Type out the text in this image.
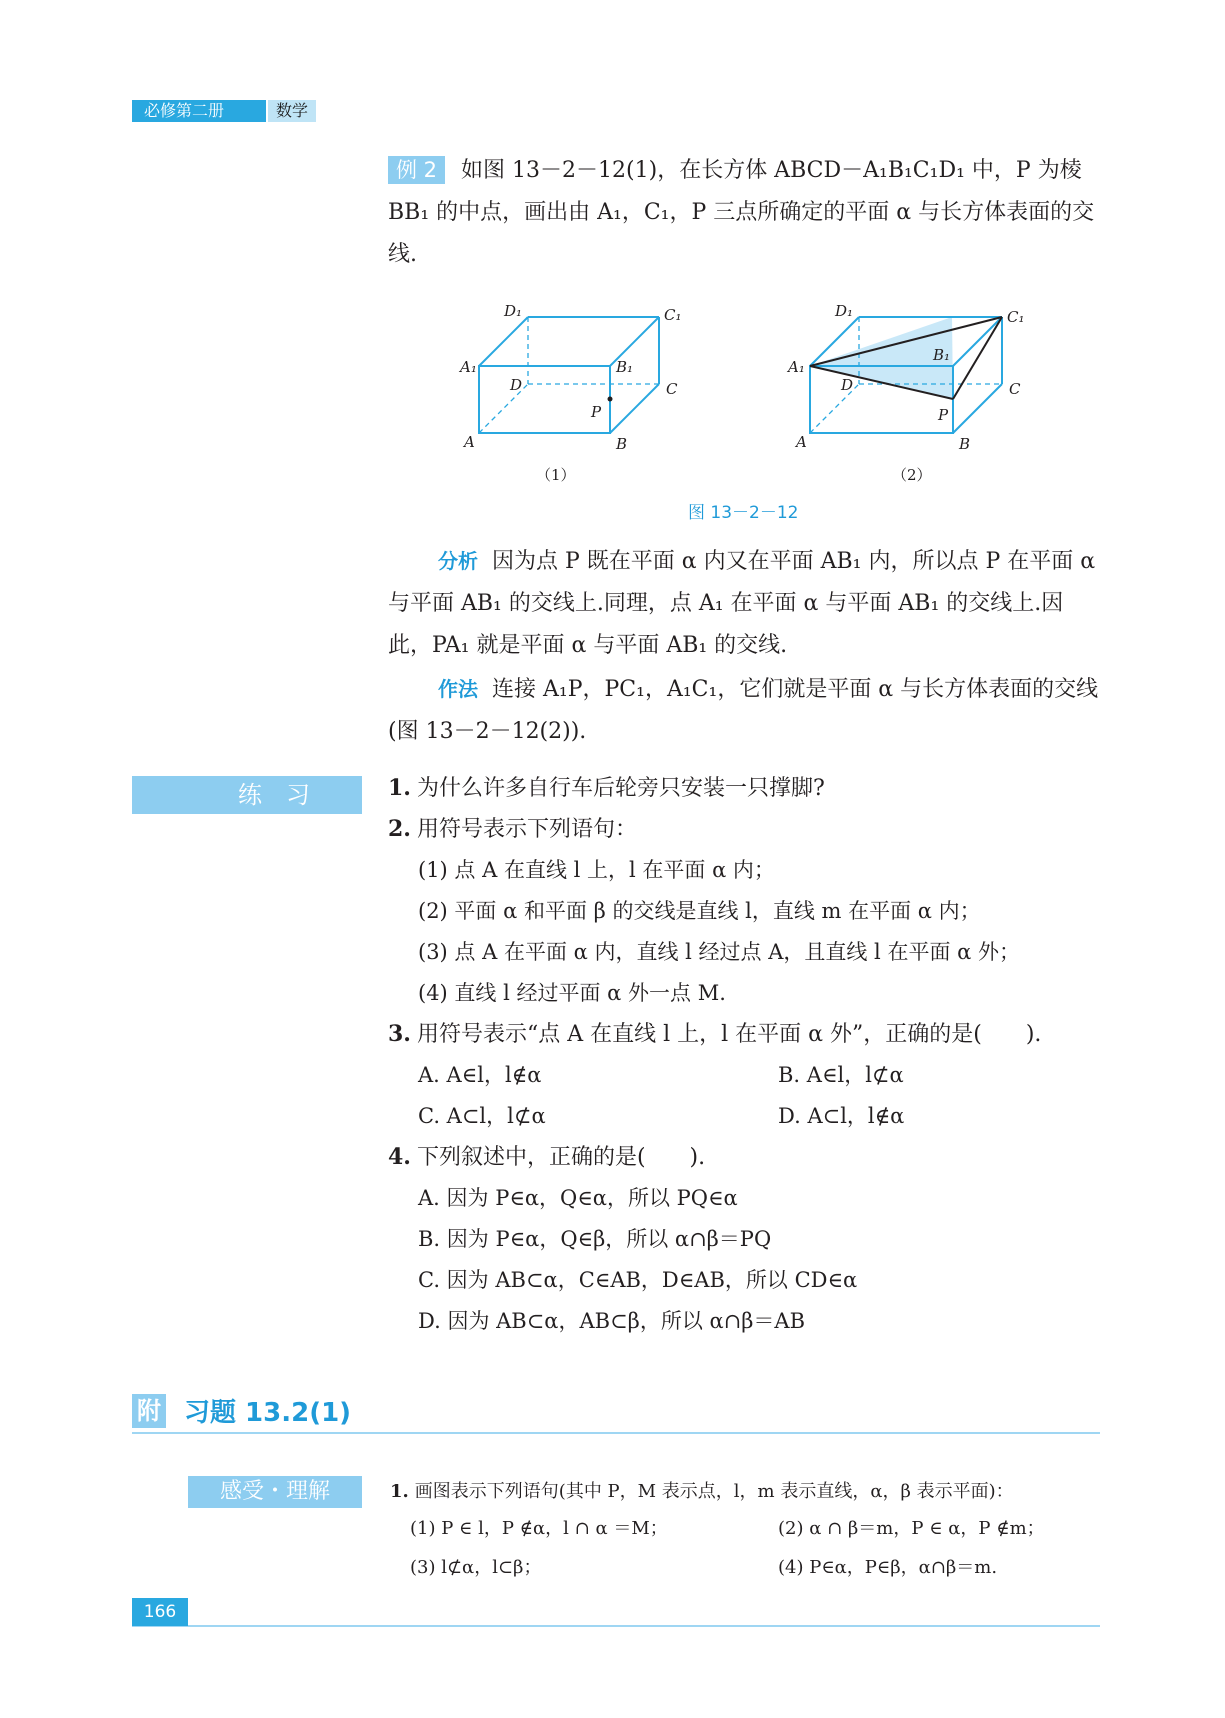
必修第二册	数学
例 2 如图 13－2－12(1)，在长方体 ABCD－A₁B₁C₁D₁ 中，P 为棱 BB₁ 的中点，画出由 A₁，C₁，P 三点所确定的平面 α 与长方体表面的交线.
A	B
C
D
A₁	B₁
C₁
D₁
P
（1）
A	B
C
D
A₁
B₁
C₁
D₁
P
（2）
图 13－2－12
分析 因为点 P 既在平面 α 内又在平面 AB₁ 内，所以点 P 在平面 α 与平面 AB₁ 的交线上.同理，点 A₁ 在平面 α 与平面 AB₁ 的交线上.因此，PA₁ 就是平面 α 与平面 AB₁ 的交线.
作法 连接 A₁P，PC₁，A₁C₁，它们就是平面 α 与长方体表面的交线(图 13－2－12(2)).
练习	1. 为什么许多自行车后轮旁只安装一只撑脚?
2. 用符号表示下列语句：
(1) 点 A 在直线 l 上，l 在平面 α 内；
(2) 平面 α 和平面 β 的交线是直线 l，直线 m 在平面 α 内；
(3) 点 A 在平面 α 内，直线 l 经过点 A，且直线 l 在平面 α 外；
(4) 直线 l 经过平面 α 外一点 M.
3. 用符号表示“点 A 在直线 l 上，l 在平面 α 外”，正确的是(　　).
A. A∈l，l∉α	B. A∈l，l⊄α
C. A⊂l，l⊄α	D. A⊂l，l∉α
4. 下列叙述中，正确的是(　　).
A. 因为 P∈α，Q∈α，所以 PQ∈α
B. 因为 P∈α，Q∈β，所以 α∩β＝PQ
C. 因为 AB⊂α，C∈AB，D∈AB，所以 CD∈α
D. 因为 AB⊂α，AB⊂β，所以 α∩β＝AB
附 习题 13.2(1)
感受・理解	1. 画图表示下列语句(其中 P，M 表示点，l，m 表示直线，α，β 表示平面)：
(1) P ∈ l，P ∉α，l ∩ α ＝M；	(2) α ∩ β＝m，P ∈ α，P ∉m；
(3) l⊄α，l⊂β；	(4) P∈α，P∈β，α∩β＝m.
166
